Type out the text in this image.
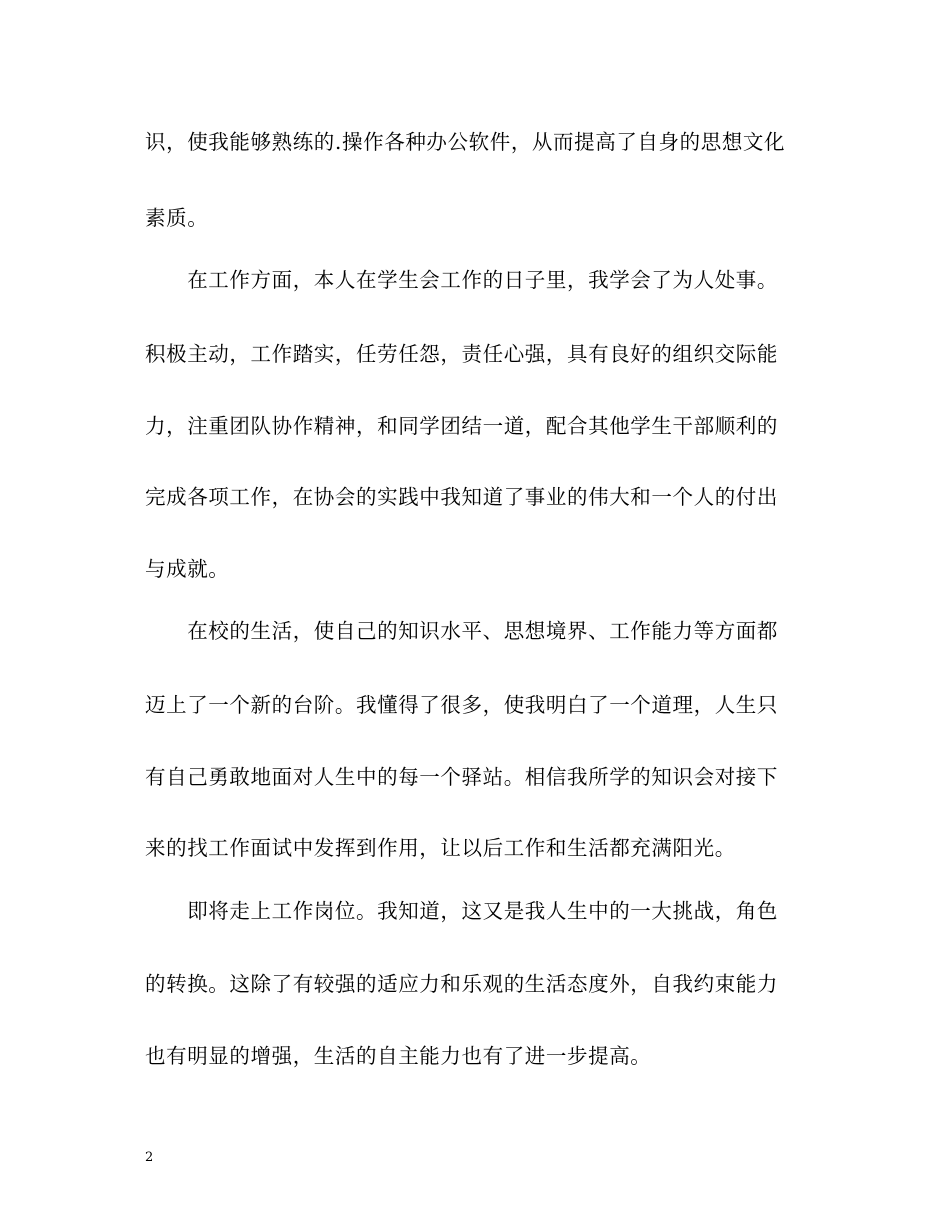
识，使我能够熟练的.操作各种办公软件，从而提高了自身的思想文化
素质。
　　在工作方面，本人在学生会工作的日子里，我学会了为人处事。
积极主动，工作踏实，任劳任怨，责任心强，具有良好的组织交际能
力，注重团队协作精神，和同学团结一道，配合其他学生干部顺利的
完成各项工作，在协会的实践中我知道了事业的伟大和一个人的付出
与成就。
　　在校的生活，使自己的知识水平、思想境界、工作能力等方面都
迈上了一个新的台阶。我懂得了很多，使我明白了一个道理，人生只
有自己勇敢地面对人生中的每一个驿站。相信我所学的知识会对接下
来的找工作面试中发挥到作用，让以后工作和生活都充满阳光。
　　即将走上工作岗位。我知道，这又是我人生中的一大挑战，角色
的转换。这除了有较强的适应力和乐观的生活态度外，自我约束能力
也有明显的增强，生活的自主能力也有了进一步提高。
2
